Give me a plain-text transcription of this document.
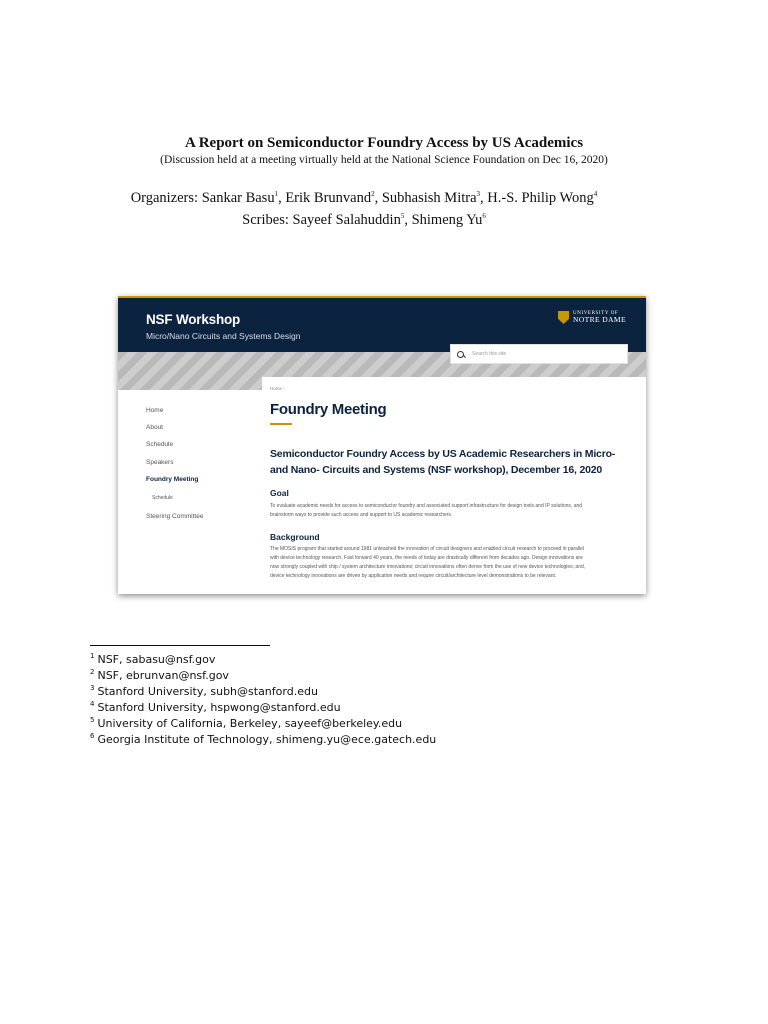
A Report on Semiconductor Foundry Access by US Academics
(Discussion held at a meeting virtually held at the National Science Foundation on Dec 16, 2020)
Organizers: Sankar Basu$^1$, Erik Brunvand$^2$, Subhasish Mitra$^3$, H.-S. Philip Wong$^4$
Scribes: Sayeef Salahuddin$^5$, Shimeng Yu$^6$
NSF Workshop
Micro/Nano Circuits and Systems Design
UNIVERSITY OF
NOTRE DAME
Search this site
Home ›
Foundry Meeting
Semiconductor Foundry Access by US Academic Researchers in Micro- and Nano- Circuits and Systems (NSF workshop), December 16, 2020
Goal
To evaluate academic needs for access to semiconductor foundry and associated support infrastructure for design tools and IP solutions, and brainstorm ways to provide such access and support to US academic researchers.
Background
The MOSIS program that started around 1981 unleashed the innovation of circuit designers and enabled circuit research to proceed in parallel with device technology research. Fast forward 40 years, the needs of today are drastically different from decades ago. Design innovations are now strongly coupled with chip / system architecture innovations; circuit innovations often derive from the use of new device technologies; and, device technology innovations are driven by application needs and require circuit/architecture level demonstrations to be relevant.
Home
About
Schedule
Speakers
Foundry Meeting
Schedule
Steering Committee
$^1$ NSF, sabasu@nsf.gov
$^2$ NSF, ebrunvan@nsf.gov
$^3$ Stanford University, subh@stanford.edu
$^4$ Stanford University, hspwong@stanford.edu
$^5$ University of California, Berkeley, sayeef@berkeley.edu
$^6$ Georgia Institute of Technology, shimeng.yu@ece.gatech.edu
